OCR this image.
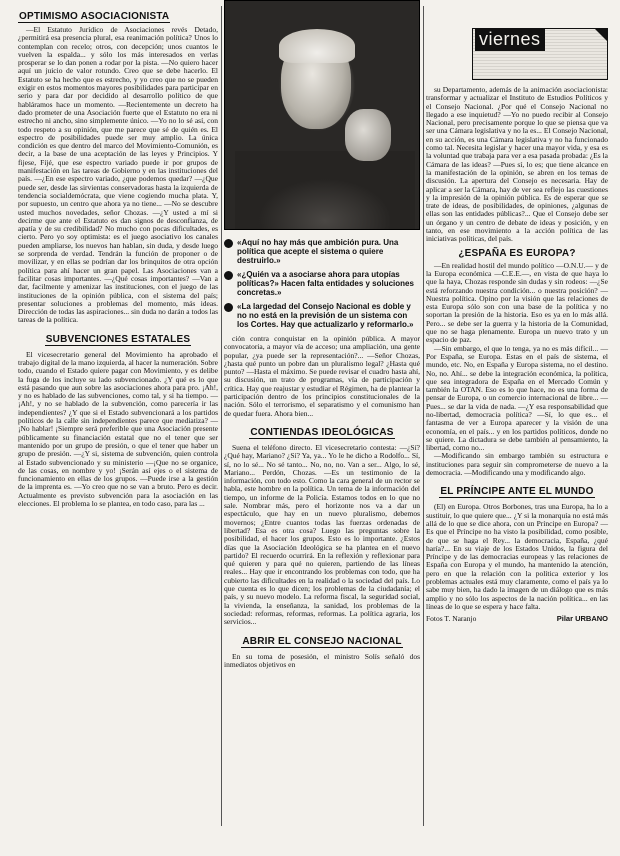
OPTIMISMO ASOCIACIONISTA

—El Estatuto Jurídico de Asociaciones revés Detado, ¿permitirá esa presencia plural, esa reanimación política? Unos lo contemplan con recelo; otros, con decepción; unos cuantos le vuelven la espalda... y sólo los más interesados en verlas prosperar se lo dan ponen a rodar por la pista. —No quiero hacer aquí un juicio de valor rotundo. Creo que se debe hacerlo. El Estatuto se ha hecho que es estrecho, y yo creo que no se pueden exigir en estos momentos mayores posibilidades para participar en serio y para dar por decidido al desarrollo político de que habláramos hace un momento. —Recientemente un decreto ha dado prometer de una Asociación fuerte que el Estatuto no era ni estrecho ni ancho, sino simplemente único. —Yo no lo sé así, con todo respeto a su opinión, que me parece que sé de quién es. El espectro de posibilidades puede ser muy amplio. La única condición es que dentro del marco del Movimiento-Comunión, es decir, a la base de una aceptación de las leyes y Principios. Y fijese, Fíjé, que ese espectro variado puede ir por grupos de manifestación en las tareas de Gobierno y en las instituciones del país. —¿En ese espectro variado, ¿que podemos quedar? —¿Que puede ser, desde las sirvientas conservadoras hasta la izquierda de tendencia socialdemócrata, que viene cogiendo mucha plata. Y, por supuesto, un centro que ahora ya no tiene... —No se descubre usted muchos novedades, señor Chozas. —¿Y usted a mí si decirme que ante el Estatuto es dan signos de desconfianza, de apatía y de su credibilidad? No mucho con pocas dificultades, es cierto. Pero yo soy optimista: es el juego asociativo los canales pueden ampliarse, los nuevos han hablan, sin duda, y desde luego se sorprenda de verdad. Tendrán la función de proponer o de movilizar, y en ellas se podrían dar los brinquitos de otra opción política para ahí hacer un gran papel. Las Asociaciones van a facilitar cosas importantes. —¿Qué cosas importantes? —Van a dar, facilmente y amenizar las instituciones, con el juego de las instituciones de la opinión pública, con el sistema del país; presentar soluciones a problemas del momento, más ideas. Dirección de todas las aspiraciones... sin duda no darán a todos las tareas de la política.

SUBVENCIONES ESTATALES

El vicesecretario general del Movimiento ha aprobado el trabajo digital de la mano izquierda, al hacer la numeración. Sobre todo, cuando el Estado quiere pagar con Movimiento, y es delibe la fuga de los incluye su lado subvencionado. ¿Y qué es lo que está pasando que aun sobre las asociaciones ahora para pro. ¡Ah!, y no es hablado de las subvenciones, como tal, y si ha tiempo. —¡Ah!, y no se hablado de la subvención, como parecería ir las independientes? ¿Y que si el Estado subvencionará a los partidos políticos de la calle sin independientes parece que mediatiza? —¡No hablar! ¡Siempre será preferible que una Asociación presente públicamente su financiación estatal que no el tener que ser mantenido por un grupo de presión, o que el tener que haber un grupo de presión. —¿Y si, sistema de subvención, quien controla al Estado subvencionado y su ministerio —¡Que no se organice, de las cosas, en nombre y yo! ¡Serán así ejes o el sistema de funcionamiento en ellas de los grupos. —Puede irse a la gestión de la imprenta es. —Yo creo que no se van a bruto. Pero es decir. Actualmente es previsto subvención para la asociación en las elecciones. El problema lo se plantea, en todo caso, para las ...

«Aquí no hay más que ambición pura. Una política que acepte el sistema o quiere destruirlo.»
«¿Quién va a asociarse ahora para utopías políticas?» Hacen falta entidades y soluciones concretas.»
«La largedad del Consejo Nacional es doble y no no está en la previsión de un sistema con los Cortes. Hay que actualizarlo y reformarlo.»

ción contra conquistar en la opinión pública. A mayor convocatoria, a mayor vía de acceso; una ampliación, una gente popular, ¿ya puede ser la representación?... —Señor Chozas, ¿hasta qué punto un pobre dan un pluralismo legal? ¿Hasta qué punto? —Hasta el máximo. Se puede revisar el cuadro hasta ahí, su discusión, un trato de programas, vía de participación y crítica. Hay que reajustar y estudiar el Régimen, ha de plantear la participación dentro de los principios constitucionales de la nación. Sólo el terrorismo, el separatismo y el comunismo han de quedar fuera. Ahora bien...

CONTIENDAS IDEOLÓGICAS

Suena el teléfono directo. El vicesecretario contesta: —¿Sí? ¿Qué hay, Mariano? ¿Sí? Ya, ya... Yo le he dicho a Rodolfo... Sí, sí, no lo sé... No sé tanto... No, no, no. Van a ser... Algo, lo sé, Mariano... Perdón, Chozas. —Es un testimonio de la información, con todo esto. Como la cara general de un rector se habla, este hombre en la política. Un tema de la información del tiempo, un informe de la Policía. Estamos todos en lo que no sale. Nombrar más, pero el horizonte nos va a dar un espectáculo, que hay en un nuevo pluralismo, debemos movernos; ¿Entre cuantos todas las fuerzas ordenadas de libertad? Esa es otra cosa? Luego las preguntas sobre la posibilidad, el hacer los grupos. Esto es lo importante. ¿Estos días que la Asociación Ideológica se ha plantea en el nuevo partido? El recuerdo ocurrirá. En la reflexión y reflexionar para qué quieren y para qué no quieren, partiendo de las líneas reales... Hay que ir encontrando los problemas con todo, que ha cubierto las dificultades en la realidad o la sociedad del país. Lo que cuenta es lo que dicen; los problemas de la ciudadanía; el país, y su nuevo modelo. La reforma fiscal, la seguridad social, la vivienda, la enseñanza, la sanidad, los problemas de la sociedad: reformas, reformas, reformas. La política agraria, los servicios...

ABRIR EL CONSEJO NACIONAL

En su toma de posesión, el ministro Solís señaló dos inmediatos objetivos en

viernes

su Departamento, además de la animación asociacionista: transformar y actualizar el Instituto de Estudios Políticos y el Consejo Nacional. ¿Por qué el Consejo Nacional no llegado a ese inquietud? —Yo no puedo recibir al Consejo Nacional, pero precisamente porque lo que se piensa que va ser una Cámara legislativa y no la es... El Consejo Nacional, en su acción, es una Cámara legislativa y no ha funcionado como tal. Necesita legislar y hacer una mayor vida, y esa es la voluntad que trabaja para ver a esa pasada probada: ¿Es la Cámara de las ideas? —Pues sí, lo es; que tiene alcance en la manifestación de la opinión, se abren en los temas de discusión. La apertura del Consejo es necesaria. Hay de aplicar a ser la Cámara, hay de ver sea reflejo las cuestiones y la impresión de la opinión pública. Es de esperar que se trate de ideas, de posibilidades, de opiniones, ¿algunas de ellas son las entidades públicas?... Que el Consejo debe ser un órgano y un centro de debate de ideas y posición, y en tanto, en ese movimiento a la acción política de las iniciativas políticas, del país.

¿ESPAÑA ES EUROPA?

—En realidad hostil del mundo político —O.N.U.— y de la Europa económica —C.E.E.—, en vista de que haya lo que la haya, Chozas responde sin dudas y sin rodeos: —¿Se está reforzando nuestra condición... o nuestra posición? —Nuestra política. Opino por la visión que las relaciones de esta Europa sólo son con una base de la política y no soportan la presión de la historia. Eso es ya en lo más allá. Pero... se debe ser la guerra y la historia de la Comunidad, que no se haga plenamente. Europa un nuevo trato y un espacio de paz.

—Sin embargo, el que lo tenga, ya no es más difícil... —Por España, se Europa. Estas en el país de sistema, el mundo, etc. No, en España y Europa sistema, no el destino. No, no. Ahí... se debe la integración económica, la política, que sea integradora de España en el Mercado Común y también la OTAN. Eso es lo que hace, no es una forma de pensar de Europa, o un comercio internacional de libre... —Pues... se dar la vida de nada. —¿Y esa responsabilidad que no-libertad, democracia política? —Sí, lo que es... el fantasma de ver a Europa aparecer y la visión de una economía, en el país... y en los partidos políticos, donde no se quiere. La dictadura se debe también al pensamiento, la libertad, como no...

—Modificando sin embargo también su estructura e instituciones para seguir sin comprometerse de nuevo a la democracia. —Modificando una y modificando algo.

EL PRÍNCIPE ANTE EL MUNDO

(El) en Europa. Otros Borbones, tras una Europa, ha lo a sustituir, lo que quiere que... ¿Y si la monarquía no está más allá de lo que se dice ahora, con un Príncipe en Europa? —Es que el Príncipe no ha visto la posibilidad, como posible, de que se haga el Rey... la democracia, España, ¿qué haría?... En su viaje de los Estados Unidos, la figura del Príncipe y de las democracias europeas y las relaciones de España con Europa y el mundo, ha mantenido la atención, pero en que la relación con la política exterior y los problemas actuales está muy claramente, como el país ya lo sabe muy bien, ha dado la imagen de un diálogo que es más amplio y no sólo los aspectos de la nación política... en las líneas de lo que se espera y hace falta.

Fotos T. Naranjo	Pilar URBANO
